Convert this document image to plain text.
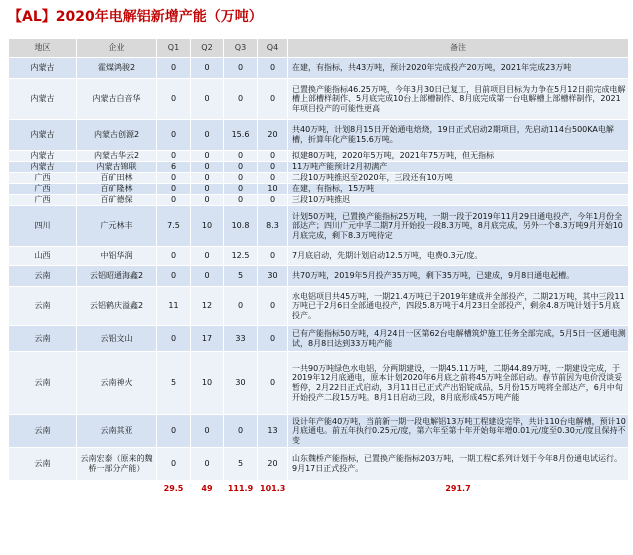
【AL】2020年电解铝新增产能（万吨）
地区	企业	Q1	Q2	Q3	Q4	备注
内蒙古	霍煤鸿骏2	0	0	0	0	在建，有指标，共43万吨，预计2020年完成投产20万吨，2021年完成23万吨
内蒙古	内蒙古白音华	0	0	0	0	已置换产能指标46.25万吨，今年3月30日已复工，目前项目目标为力争在5月12日前完成电解槽上部槽样制作、5月底完成10台上部槽制作、8月底完成第一台电解槽上部槽样制作，2021年项目投产的可能性更高
内蒙古	内蒙古创源2	0	0	15.6	20	共40万吨，计划8月15日开始通电焙烧，19日正式启动2期项目，先启动114台500KA电解槽，折算年化产能15.6万吨。
内蒙古	内蒙古华云2	0	0	0	0	拟建80万吨，2020年5万吨，2021年75万吨，但无指标
内蒙古	内蒙古锦联	6	0	0	0	11万吨产能预计2月初满产
广西	百矿田林	0	0	0	0	二段10万吨推迟至2020年，三段还有10万吨
广西	百矿隆林	0	0	0	10	在建，有指标，15万吨
广西	百矿德保	0	0	0	0	三段10万吨推迟
四川	广元林丰	7.5	10	10.8	8.3	计划50万吨，已置换产能指标25万吨，一期一段于2019年11月29日通电投产，今年1月份全部达产；四川广元中孚二期7月开始投一段8.3万吨，8月底完成，另外一个8.3万吨9月开始10月底完成，剩下8.3万吨待定
山西	中铝华润	0	0	12.5	0	7月底启动，先期计划启动12.5万吨，电费0.3元/度。
云南	云铝昭通海鑫2	0	0	5	30	共70万吨，2019年5月投产35万吨，剩下35万吨，已建成，9月8日通电起槽。
云南	云铝鹤庆溢鑫2	11	12	0	0	水电铝项目共45万吨，一期21.4万吨已于2019年建成并全部投产，二期21万吨，其中三段11万吨已于2月6日全部通电投产，四段5.8万吨于4月23日全部投产，剩余4.8万吨计划于5月底投产。
云南	云铝文山	0	17	33	0	已有产能指标50万吨，4月24日一区第62台电解槽筑炉施工任务全部完成，5月5日一区通电测试，8月8日达到33万吨产能
云南	云南神火	5	10	30	0	一共90万吨绿色水电铝，分两期建设，一期45.11万吨，二期44.89万吨，一期建设完成，于2019年12月底通电，原本计划2020年6月底之前将45万吨全部启动。春节前因为电价没谈妥暂停，2月22日正式启动，3月11日已正式产出铝锭成品，5月份15万吨将全部达产，6月中旬开始投产二段15万吨。8月1日启动三段，8月底形成45万吨产能
云南	云南其亚	0	0	0	13	设计年产能40万吨，当前新一期一段电解铝13万吨工程建设完毕，共计110台电解槽，预计10月底通电。前五年执行0.25元/度，第六年至第十年开始每年增0.01元/度至0.30元/度且保持不变
云南	云南宏泰（原来的魏桥一部分产能）	0	0	5	20	山东魏桥产能指标，已置换产能指标203万吨，一期工程C系列计划于今年8月份通电试运行。9月17日正式投产。
		29.5	49	111.9	101.3	291.7
